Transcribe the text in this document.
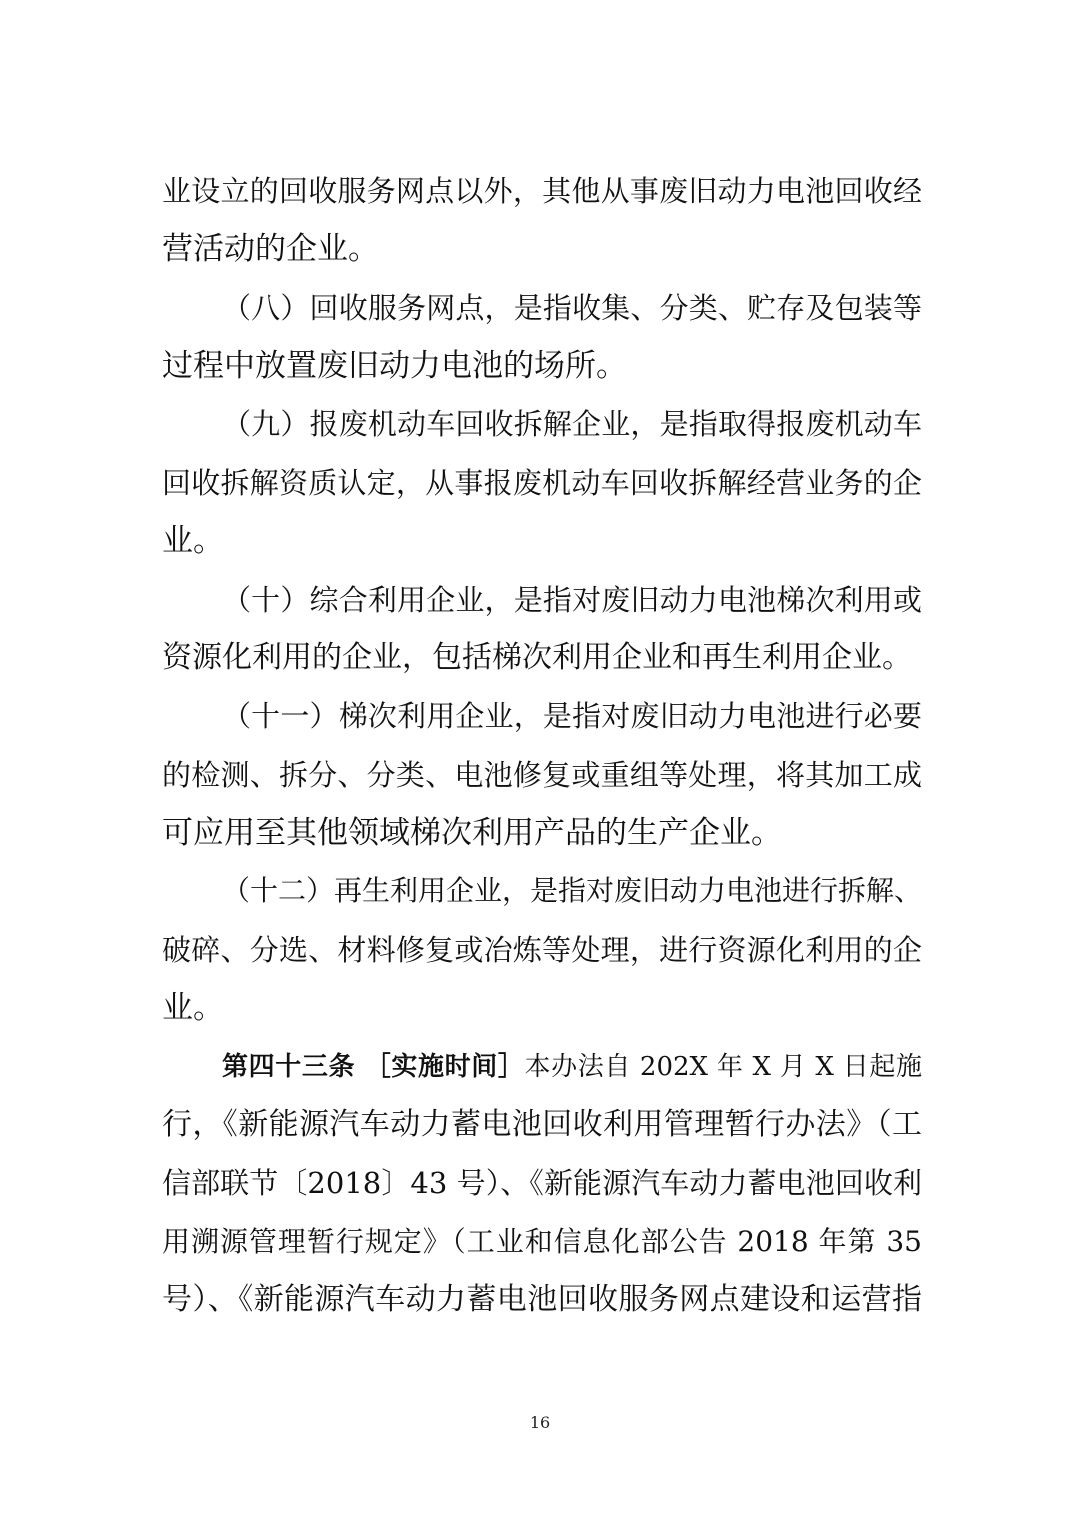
业设立的回收服务网点以外，其他从事废旧动力电池回收经
营活动的企业。
（八）回收服务网点，是指收集、分类、贮存及包装等
过程中放置废旧动力电池的场所。
（九）报废机动车回收拆解企业，是指取得报废机动车
回收拆解资质认定，从事报废机动车回收拆解经营业务的企
业。
（十）综合利用企业，是指对废旧动力电池梯次利用或
资源化利用的企业，包括梯次利用企业和再生利用企业。
（十一）梯次利用企业，是指对废旧动力电池进行必要
的检测、拆分、分类、电池修复或重组等处理，将其加工成
可应用至其他领域梯次利用产品的生产企业。
（十二）再生利用企业，是指对废旧动力电池进行拆解、
破碎、分选、材料修复或冶炼等处理，进行资源化利用的企
业。
第四十三条 ［实施时间］本办法自 202X 年 X 月 X 日起施
行，《新能源汽车动力蓄电池回收利用管理暂行办法》（工
信部联节〔2018〕43 号）、《新能源汽车动力蓄电池回收利
用溯源管理暂行规定》（工业和信息化部公告 2018 年第 35
号）、《新能源汽车动力蓄电池回收服务网点建设和运营指
16
